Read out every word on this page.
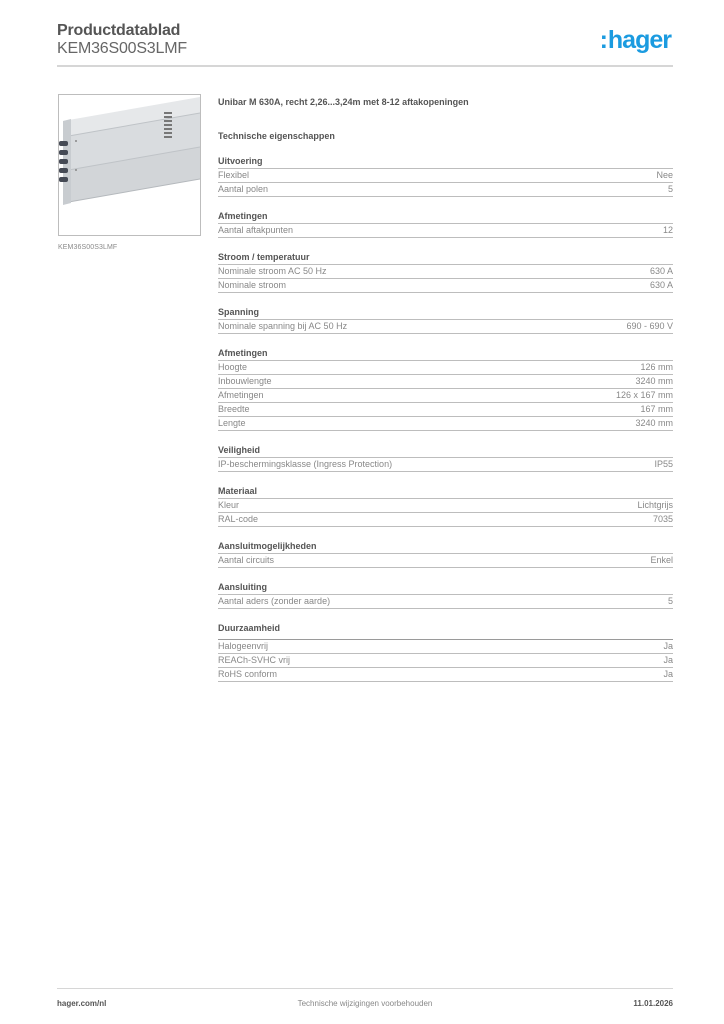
Productdatablad
KEM36S00S3LMF	:hager
KEM36S00S3LMF
Unibar M 630A, recht 2,26...3,24m met 8-12 aftakopeningen
Technische eigenschappen
Uitvoering
Flexibel	Nee
Aantal polen	5
Afmetingen
Aantal aftakpunten	12
Stroom / temperatuur
Nominale stroom AC 50 Hz	630 A
Nominale stroom	630 A
Spanning
Nominale spanning bij AC 50 Hz	690 - 690 V
Afmetingen
Hoogte	126 mm
Inbouwlengte	3240 mm
Afmetingen	126 x 167 mm
Breedte	167 mm
Lengte	3240 mm
Veiligheid
IP-beschermingsklasse (Ingress Protection)	IP55
Materiaal
Kleur	Lichtgrijs
RAL-code	7035
Aansluitmogelijkheden
Aantal circuits	Enkel
Aansluiting
Aantal aders (zonder aarde)	5
Duurzaamheid
Halogeenvrij	Ja
REACh-SVHC vrij	Ja
RoHS conform	Ja
hager.com/nl	Technische wijzigingen voorbehouden	11.01.2026
